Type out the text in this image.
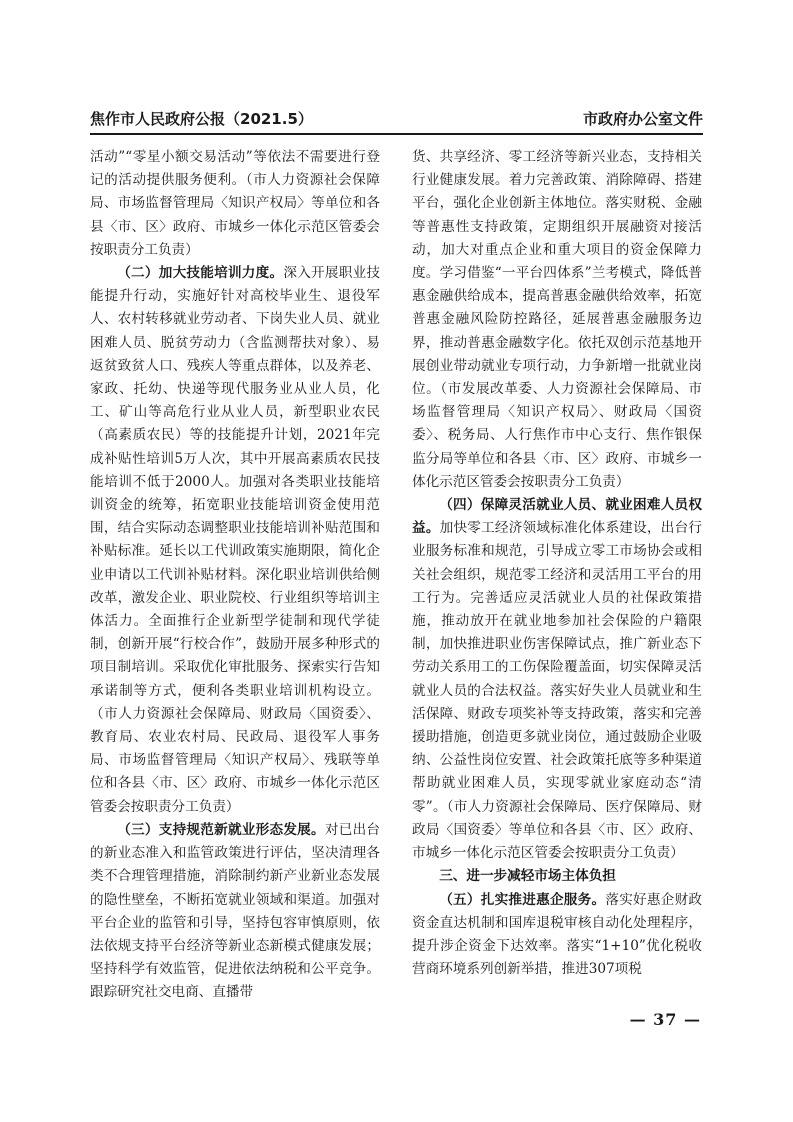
焦作市人民政府公报（2021.5）	市政府办公室文件

活动”“零星小额交易活动”等依法不需要进行登记的活动提供服务便利。（市人力资源社会保障局、市场监督管理局〈知识产权局〉等单位和各县〈市、区〉政府、市城乡一体化示范区管委会按职责分工负责）

（二）加大技能培训力度。深入开展职业技能提升行动，实施好针对高校毕业生、退役军人、农村转移就业劳动者、下岗失业人员、就业困难人员、脱贫劳动力（含监测帮扶对象）、易返贫致贫人口、残疾人等重点群体，以及养老、家政、托幼、快递等现代服务业从业人员，化工、矿山等高危行业从业人员，新型职业农民（高素质农民）等的技能提升计划，2021年完成补贴性培训5万人次，其中开展高素质农民技能培训不低于2000人。加强对各类职业技能培训资金的统筹，拓宽职业技能培训资金使用范围，结合实际动态调整职业技能培训补贴范围和补贴标准。延长以工代训政策实施期限，简化企业申请以工代训补贴材料。深化职业培训供给侧改革，激发企业、职业院校、行业组织等培训主体活力。全面推行企业新型学徒制和现代学徒制，创新开展“行校合作”，鼓励开展多种形式的项目制培训。采取优化审批服务、探索实行告知承诺制等方式，便利各类职业培训机构设立。（市人力资源社会保障局、财政局〈国资委〉、教育局、农业农村局、民政局、退役军人事务局、市场监督管理局〈知识产权局〉、残联等单位和各县〈市、区〉政府、市城乡一体化示范区管委会按职责分工负责）

（三）支持规范新就业形态发展。对已出台的新业态准入和监管政策进行评估，坚决清理各类不合理管理措施，消除制约新产业新业态发展的隐性壁垒，不断拓宽就业领域和渠道。加强对平台企业的监管和引导，坚持包容审慎原则，依法依规支持平台经济等新业态新模式健康发展；坚持科学有效监管，促进依法纳税和公平竞争。跟踪研究社交电商、直播带

货、共享经济、零工经济等新兴业态，支持相关行业健康发展。着力完善政策、消除障碍、搭建平台，强化企业创新主体地位。落实财税、金融等普惠性支持政策，定期组织开展融资对接活动，加大对重点企业和重大项目的资金保障力度。学习借鉴“一平台四体系”兰考模式，降低普惠金融供给成本，提高普惠金融供给效率，拓宽普惠金融风险防控路径，延展普惠金融服务边界，推动普惠金融数字化。依托双创示范基地开展创业带动就业专项行动，力争新增一批就业岗位。（市发展改革委、人力资源社会保障局、市场监督管理局〈知识产权局〉、财政局〈国资委〉、税务局、人行焦作市中心支行、焦作银保监分局等单位和各县〈市、区〉政府、市城乡一体化示范区管委会按职责分工负责）

（四）保障灵活就业人员、就业困难人员权益。加快零工经济领域标准化体系建设，出台行业服务标准和规范，引导成立零工市场协会或相关社会组织，规范零工经济和灵活用工平台的用工行为。完善适应灵活就业人员的社保政策措施，推动放开在就业地参加社会保险的户籍限制，加快推进职业伤害保障试点，推广新业态下劳动关系用工的工伤保险覆盖面，切实保障灵活就业人员的合法权益。落实好失业人员就业和生活保障、财政专项奖补等支持政策，落实和完善援助措施，创造更多就业岗位，通过鼓励企业吸纳、公益性岗位安置、社会政策托底等多种渠道帮助就业困难人员，实现零就业家庭动态“清零”。（市人力资源社会保障局、医疗保障局、财政局〈国资委〉等单位和各县〈市、区〉政府、市城乡一体化示范区管委会按职责分工负责）

三、进一步减轻市场主体负担

（五）扎实推进惠企服务。落实好惠企财政资金直达机制和国库退税审核自动化处理程序，提升涉企资金下达效率。落实“1+10”优化税收营商环境系列创新举措，推进307项税

— 37 —
